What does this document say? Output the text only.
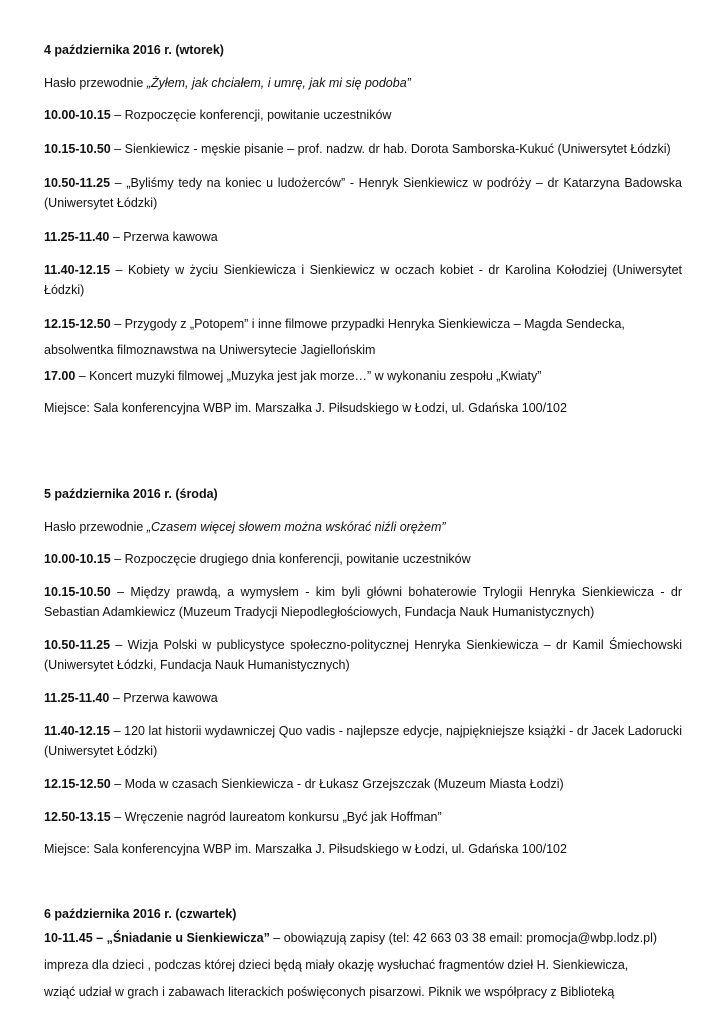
4 października 2016 r. (wtorek)

Hasło przewodnie „Żyłem, jak chciałem, i umrę, jak mi się podoba”

10.00-10.15 – Rozpoczęcie konferencji, powitanie uczestników

10.15-10.50 – Sienkiewicz - męskie pisanie – prof. nadzw. dr hab. Dorota Samborska-Kukuć (Uniwersytet Łódzki)

10.50-11.25 – „Byliśmy tedy na koniec u ludożerców” - Henryk Sienkiewicz w podróży – dr Katarzyna Badowska (Uniwersytet Łódzki)

11.25-11.40 – Przerwa kawowa

11.40-12.15 – Kobiety w życiu Sienkiewicza i Sienkiewicz w oczach kobiet - dr Karolina Kołodziej (Uniwersytet Łódzki)

12.15-12.50 – Przygody z „Potopem” i inne filmowe przypadki Henryka Sienkiewicza – Magda Sendecka,

absolwentka filmoznawstwa na Uniwersytecie Jagiellońskim

17.00 – Koncert muzyki filmowej „Muzyka jest jak morze…” w wykonaniu zespołu „Kwiaty”

Miejsce: Sala konferencyjna WBP im. Marszałka J. Piłsudskiego w Łodzi, ul. Gdańska 100/102

5 października 2016 r. (środa)

Hasło przewodnie „Czasem więcej słowem można wskórać niźli orężem”

10.00-10.15 – Rozpoczęcie drugiego dnia konferencji, powitanie uczestników

10.15-10.50 – Między prawdą, a wymysłem - kim byli główni bohaterowie Trylogii Henryka Sienkiewicza - dr Sebastian Adamkiewicz (Muzeum Tradycji Niepodległościowych, Fundacja Nauk Humanistycznych)

10.50-11.25 – Wizja Polski w publicystyce społeczno-politycznej Henryka Sienkiewicza – dr Kamil Śmiechowski (Uniwersytet Łódzki, Fundacja Nauk Humanistycznych)

11.25-11.40 – Przerwa kawowa

11.40-12.15 – 120 lat historii wydawniczej Quo vadis - najlepsze edycje, najpiękniejsze książki - dr Jacek Ladorucki (Uniwersytet Łódzki)

12.15-12.50 – Moda w czasach Sienkiewicza - dr Łukasz Grzejszczak (Muzeum Miasta Łodzi)

12.50-13.15 – Wręczenie nagród laureatom konkursu „Być jak Hoffman”

Miejsce: Sala konferencyjna WBP im. Marszałka J. Piłsudskiego w Łodzi, ul. Gdańska 100/102

6 października 2016 r. (czwartek)

10-11.45 – „Śniadanie u Sienkiewicza” – obowiązują zapisy (tel: 42 663 03 38 email: promocja@wbp.lodz.pl)

impreza dla dzieci , podczas której dzieci będą miały okazję wysłuchać fragmentów dzieł H. Sienkiewicza,

wziąć udział w grach i zabawach literackich poświęconych pisarzowi. Piknik we współpracy z Biblioteką
